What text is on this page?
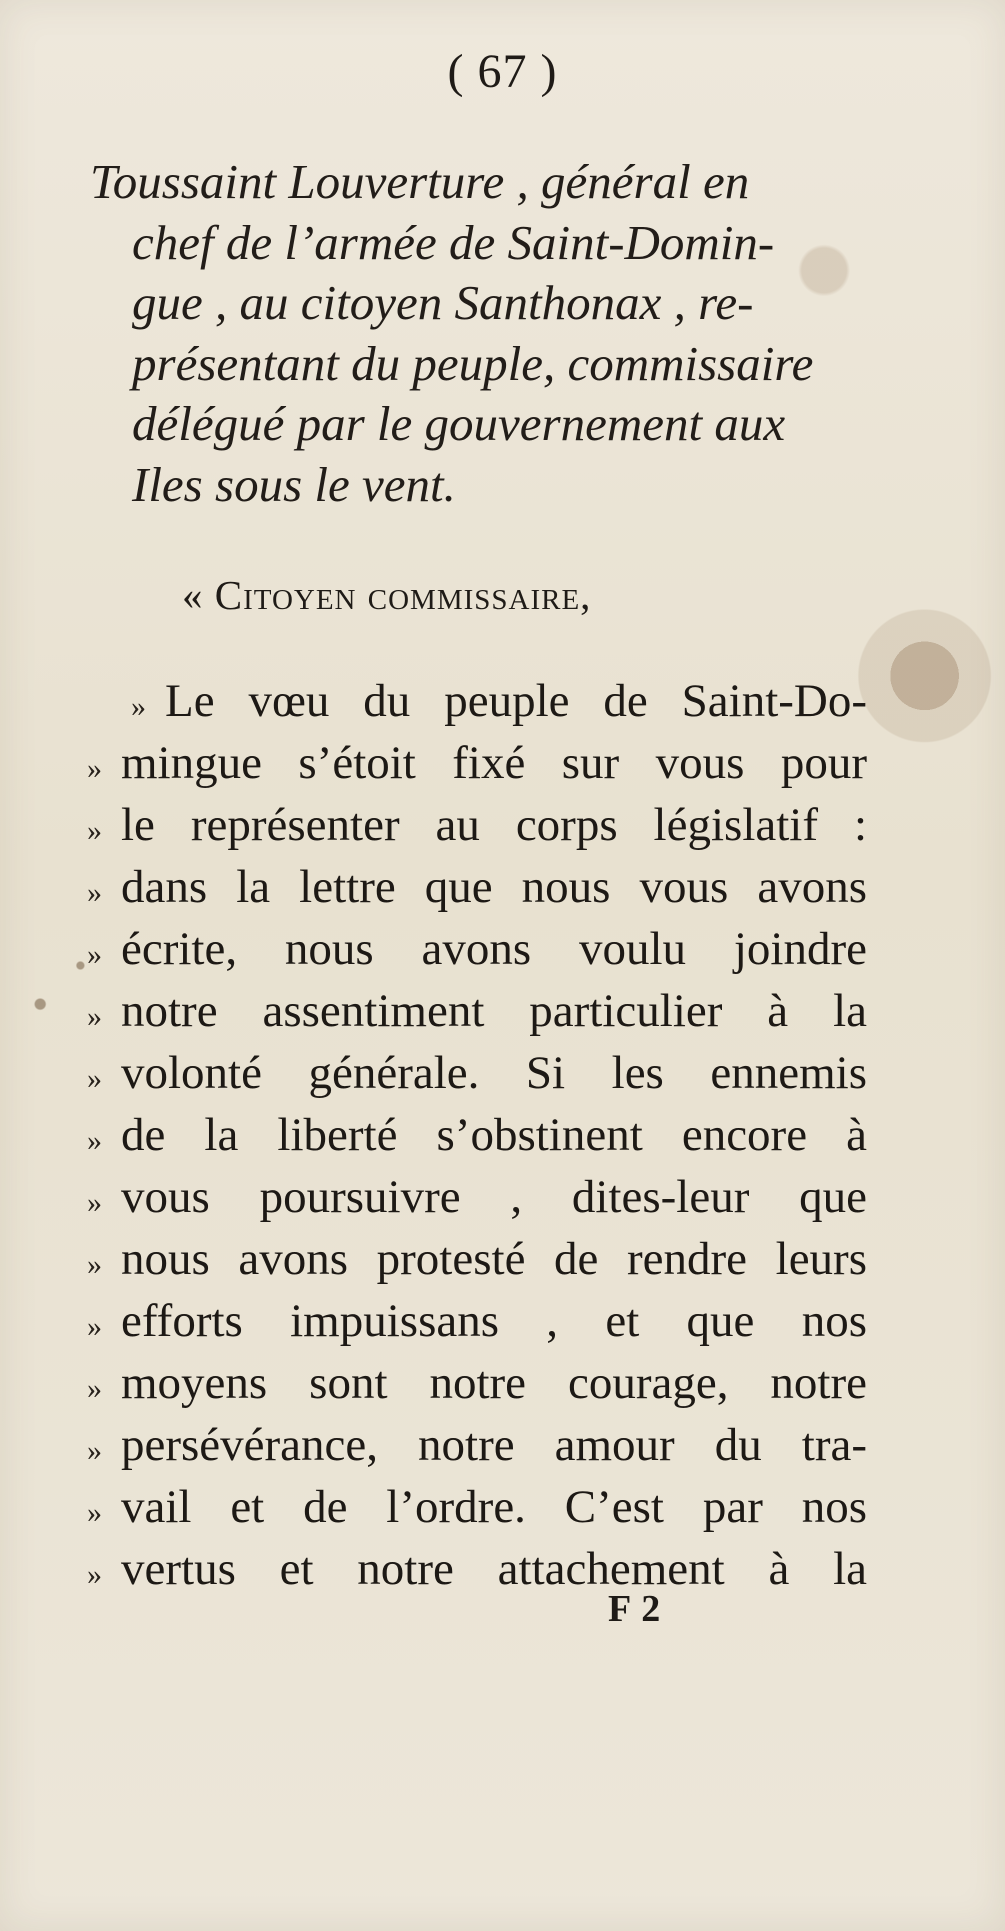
( 67 )
Toussaint Louverture , général en
chef de l’armée de Saint-Domin-
gue , au citoyen Santhonax , re-
présentant du peuple, commissaire
délégué par le gouvernement aux
Iles sous le vent.
« Citoyen commissaire,
» Le vœu du peuple de Saint-Do-
» mingue s’étoit fixé sur vous pour
» le représenter au corps législatif :
» dans la lettre que nous vous avons
» écrite, nous avons voulu joindre
» notre assentiment particulier à la
» volonté générale. Si les ennemis
» de la liberté s’obstinent encore à
» vous poursuivre , dites-leur que
» nous avons protesté de rendre leurs
» efforts impuissans , et que nos
» moyens sont notre courage, notre
» persévérance, notre amour du tra-
» vail et de l’ordre. C’est par nos
» vertus et notre attachement à la
F 2
